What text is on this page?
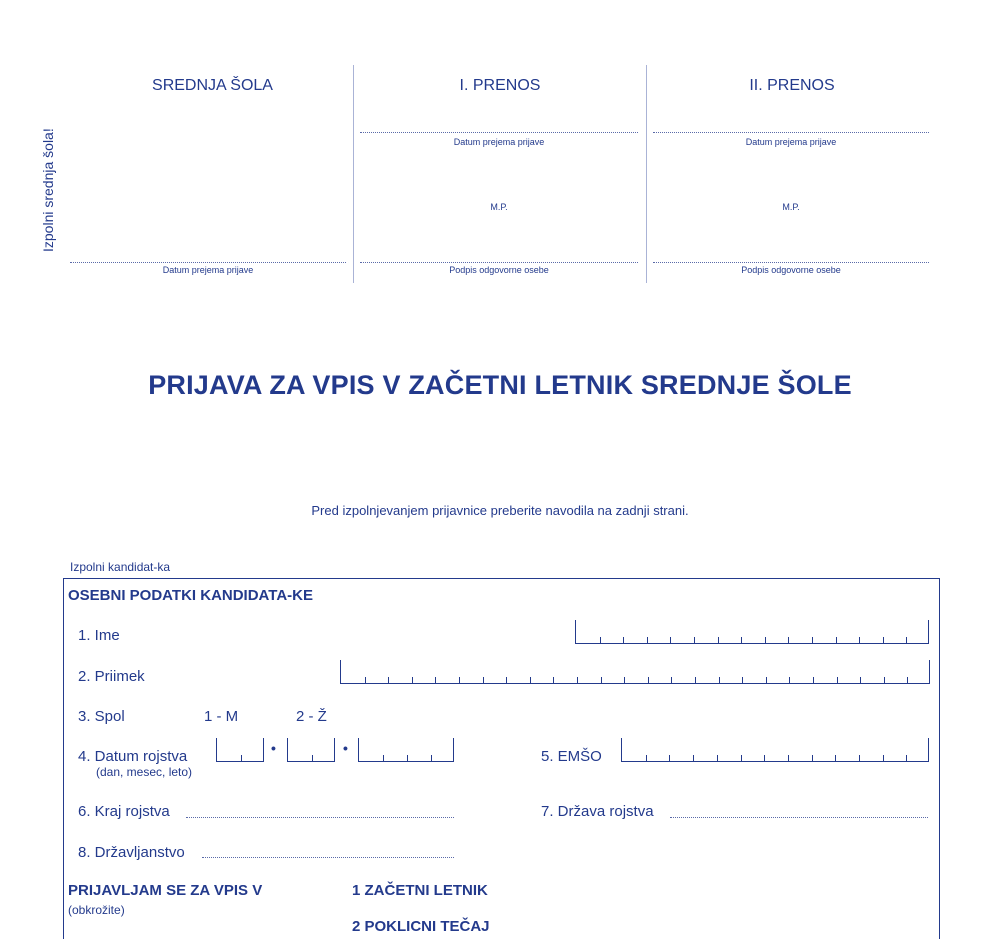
Izpolni srednja šola!
SREDNJA ŠOLA
Datum prejema prijave
I. PRENOS
Datum prejema prijave
M.P.
Podpis odgovorne osebe
II. PRENOS
Datum prejema prijave
M.P.
Podpis odgovorne osebe
PRIJAVA ZA VPIS V ZAČETNI LETNIK SREDNJE ŠOLE
Pred izpolnjevanjem prijavnice preberite navodila na zadnji strani.
Izpolni kandidat-ka
OSEBNI PODATKI KANDIDATA-KE
1. Ime
2. Priimek
3. Spol	1 - M	2 - Ž
4. Datum rojstva
(dan, mesec, leto)
•	•	5. EMŠO
6. Kraj rojstva	7. Država rojstva
8. Državljanstvo
PRIJAVLJAM SE ZA VPIS V
(obkrožite)
1 ZAČETNI LETNIK
2 POKLICNI TEČAJ
